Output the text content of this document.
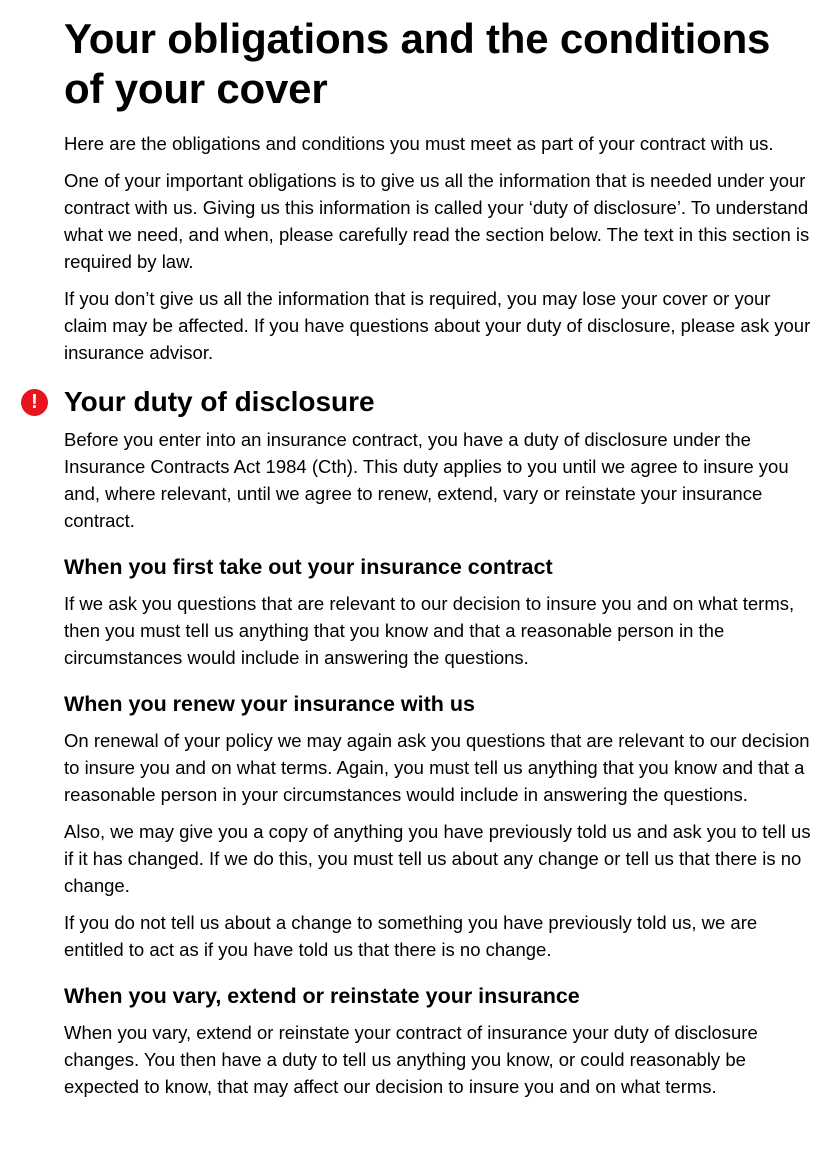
Your obligations and the conditions of your cover

Here are the obligations and conditions you must meet as part of your contract with us.

One of your important obligations is to give us all the information that is needed under your contract with us. Giving us this information is called your ‘duty of disclosure’. To understand what we need, and when, please carefully read the section below. The text in this section is required by law.

If you don’t give us all the information that is required, you may lose your cover or your claim may be affected. If you have questions about your duty of disclosure, please ask your insurance advisor.

! Your duty of disclosure

Before you enter into an insurance contract, you have a duty of disclosure under the Insurance Contracts Act 1984 (Cth). This duty applies to you until we agree to insure you and, where relevant, until we agree to renew, extend, vary or reinstate your insurance contract.

When you first take out your insurance contract

If we ask you questions that are relevant to our decision to insure you and on what terms, then you must tell us anything that you know and that a reasonable person in the circumstances would include in answering the questions.

When you renew your insurance with us

On renewal of your policy we may again ask you questions that are relevant to our decision to insure you and on what terms. Again, you must tell us anything that you know and that a reasonable person in your circumstances would include in answering the questions.

Also, we may give you a copy of anything you have previously told us and ask you to tell us if it has changed. If we do this, you must tell us about any change or tell us that there is no change.

If you do not tell us about a change to something you have previously told us, we are entitled to act as if you have told us that there is no change.

When you vary, extend or reinstate your insurance

When you vary, extend or reinstate your contract of insurance your duty of disclosure changes. You then have a duty to tell us anything you know, or could reasonably be expected to know, that may affect our decision to insure you and on what terms.
